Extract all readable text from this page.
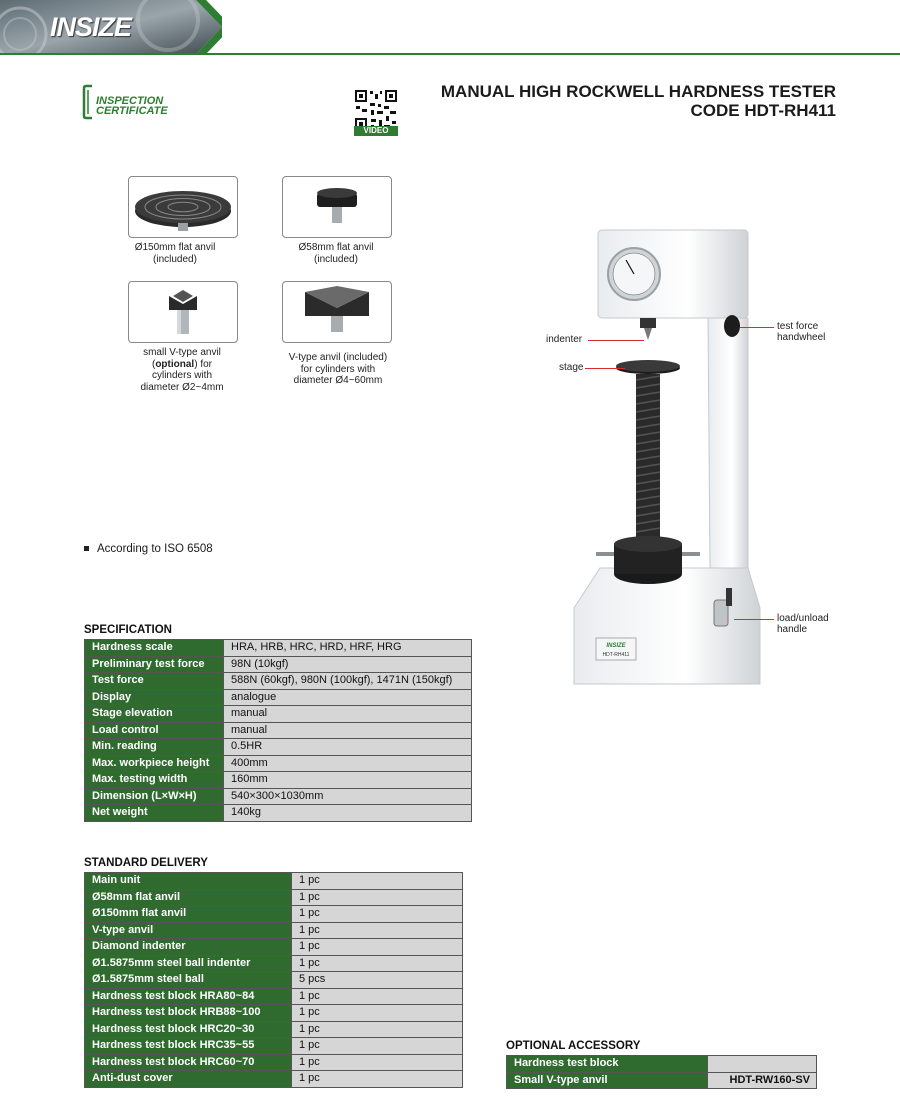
INSIZE
INSPECTION
CERTIFICATE
VIDEO
MANUAL HIGH ROCKWELL HARDNESS TESTER
CODE HDT-RH411
Ø150mm flat anvil
(included)
Ø58mm flat anvil
(included)
small V-type anvil
(optional) for
cylinders with
diameter Ø2~4mm
V-type anvil (included)
for cylinders with
diameter Ø4~60mm
INSIZE
HDT-RH411
indenter
stage
test force
handwheel
load/unload
handle
According to ISO 6508
SPECIFICATION
Hardness scale	HRA, HRB, HRC, HRD, HRF, HRG
Preliminary test force	98N (10kgf)
Test force	588N (60kgf), 980N (100kgf), 1471N (150kgf)
Display	analogue
Stage elevation	manual
Load control	manual
Min. reading	0.5HR
Max. workpiece height	400mm
Max. testing width	160mm
Dimension (L×W×H)	540×300×1030mm
Net weight	140kg
STANDARD DELIVERY
Main unit	1 pc
Ø58mm flat anvil	1 pc
Ø150mm flat anvil	1 pc
V-type anvil	1 pc
Diamond indenter	1 pc
Ø1.5875mm steel ball indenter	1 pc
Ø1.5875mm steel ball	5 pcs
Hardness test block HRA80~84	1 pc
Hardness test block HRB88~100	1 pc
Hardness test block HRC20~30	1 pc
Hardness test block HRC35~55	1 pc
Hardness test block HRC60~70	1 pc
Anti-dust cover	1 pc
OPTIONAL ACCESSORY
Hardness test block	
Small V-type anvil	HDT-RW160-SV
